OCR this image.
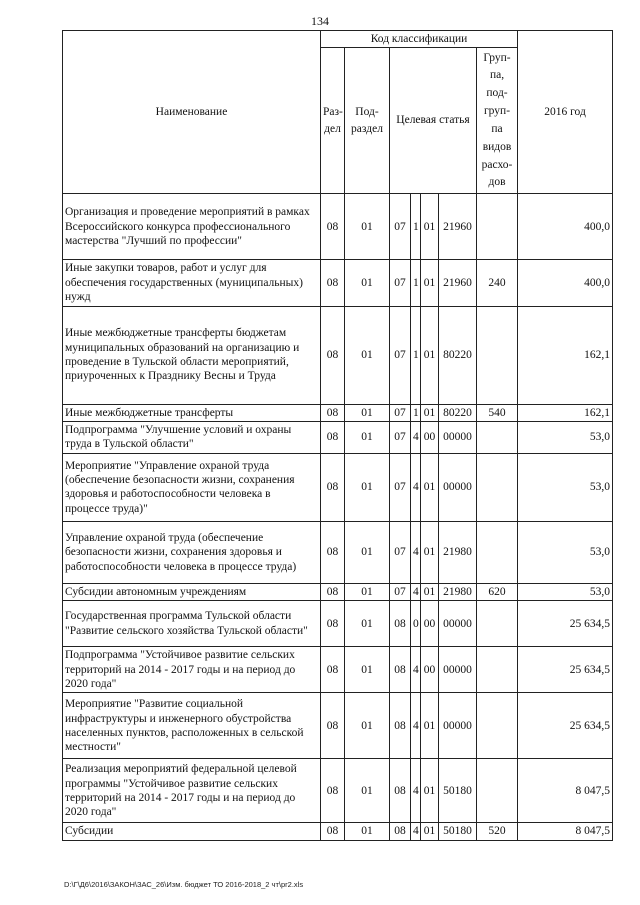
134
Наименование	Код классификации							2016 год
	Раз- дел	Под- раздел	Целевая статья				Груп- па, под- груп- па видов расхо- дов	
Организация и проведение мероприятий в рамках Всероссийского конкурса профессионального мастерства "Лучший по профессии"	08	01	07	1	01	21960		400,0
Иные закупки товаров, работ и услуг для обеспечения государственных (муниципальных) нужд	08	01	07	1	01	21960	240	400,0
Иные межбюджетные трансферты бюджетам муниципальных образований на организацию и проведение в Тульской области мероприятий, приуроченных к Празднику Весны и Труда	08	01	07	1	01	80220		162,1
Иные межбюджетные трансферты	08	01	07	1	01	80220	540	162,1
Подпрограмма "Улучшение условий и охраны труда в Тульской области"	08	01	07	4	00	00000		53,0
Мероприятие "Управление охраной труда (обеспечение безопасности жизни, сохранения здоровья и работоспособности человека в процессе труда)"	08	01	07	4	01	00000		53,0
Управление охраной труда (обеспечение безопасности жизни, сохранения здоровья и работоспособности человека в процессе труда)	08	01	07	4	01	21980		53,0
Субсидии автономным учреждениям	08	01	07	4	01	21980	620	53,0
Государственная программа Тульской области "Развитие сельского хозяйства Тульской области"	08	01	08	0	00	00000		25 634,5
Подпрограмма "Устойчивое развитие сельских территорий на 2014 - 2017 годы и на период до 2020 года"	08	01	08	4	00	00000		25 634,5
Мероприятие "Развитие социальной инфраструктуры и инженерного обустройства населенных пунктов, расположенных в сельской местности"	08	01	08	4	01	00000		25 634,5
Реализация мероприятий федеральной целевой программы "Устойчивое развитие сельских территорий на 2014 - 2017 годы и на период до 2020 года"	08	01	08	4	01	50180		8 047,5
Субсидии	08	01	08	4	01	50180	520	8 047,5
D:\Г\Д6\2016\ЗАКОН\ЗАС_26\Изм. бюджет ТО 2016-2018_2 чт\pr2.xls
